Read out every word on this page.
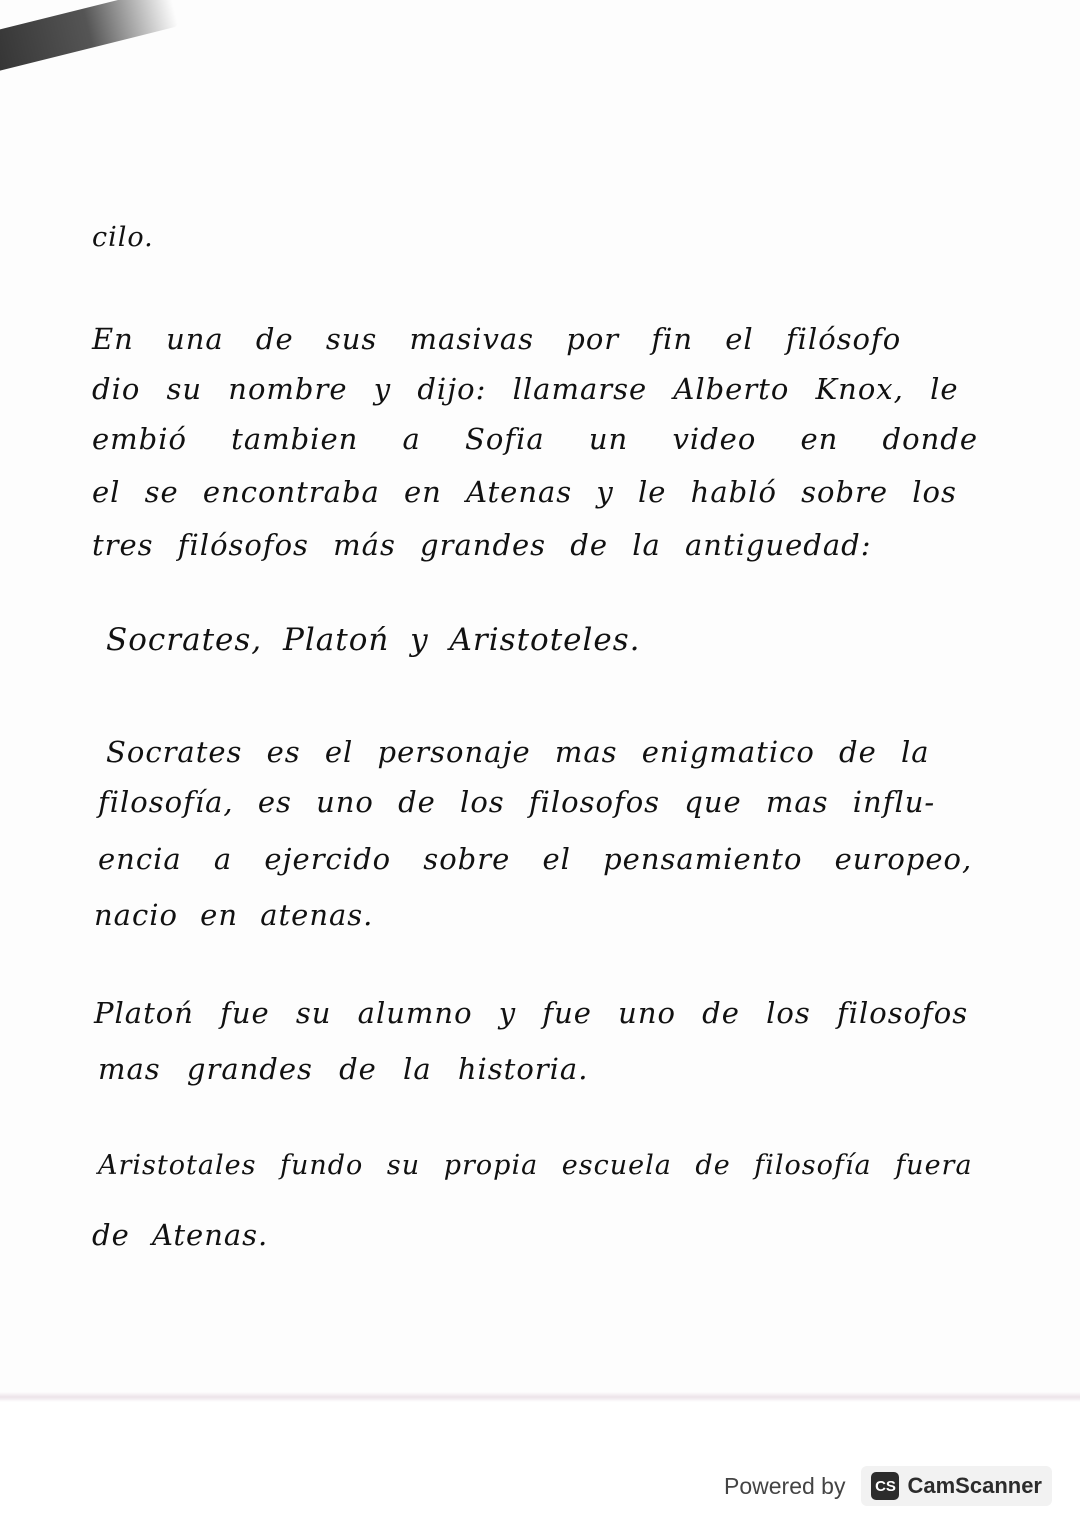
cilo.
En una de sus masivas por fin el filósofo
dio su nombre y dijo: llamarse Alberto Knox, le
embió tambien a Sofia un video en donde
el se encontraba en Atenas y le habló sobre los
tres filósofos más grandes de la antiguedad:
Socrates, Platoń y Aristoteles.
Socrates es el personaje mas enigmatico de la
filosofía, es uno de los filosofos que mas influ-
encia a ejercido sobre el pensamiento europeo,
nacio en atenas.
Platoń fue su alumno y fue uno de los filosofos
mas grandes de la historia.
Aristotales fundo su propia escuela de filosofía fuera
de Atenas.
Powered by CS CamScanner
